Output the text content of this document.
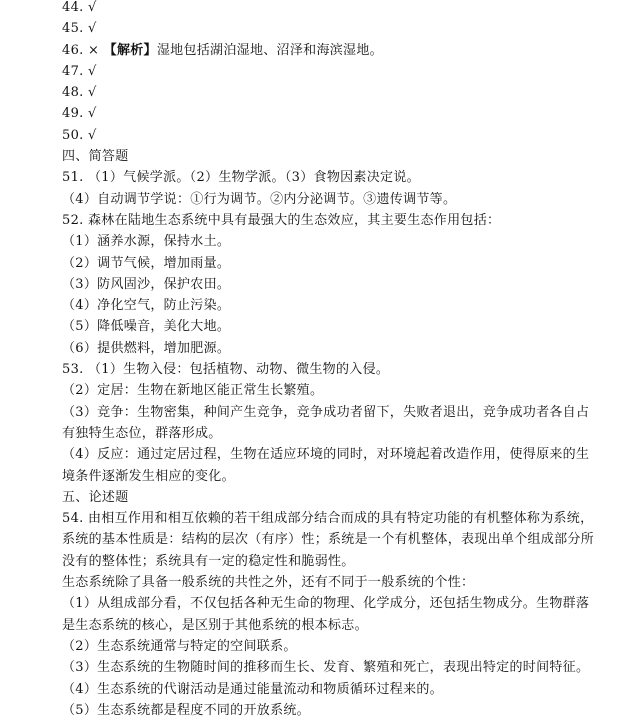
44. √
45. √
46. × 【解析】湿地包括湖泊湿地、沼泽和海滨湿地。
47. √
48. √
49. √
50. √
四、简答题
51. （1）气候学派。（2）生物学派。（3）食物因素决定说。
（4）自动调节学说：①行为调节。②内分泌调节。③遗传调节等。
52. 森林在陆地生态系统中具有最强大的生态效应，其主要生态作用包括：
（1）涵养水源，保持水土。
（2）调节气候，增加雨量。
（3）防风固沙，保护农田。
（4）净化空气，防止污染。
（5）降低噪音，美化大地。
（6）提供燃料，增加肥源。
53. （1）生物入侵：包括植物、动物、微生物的入侵。
（2）定居：生物在新地区能正常生长繁殖。
（3）竞争：生物密集，种间产生竞争，竞争成功者留下，失败者退出，竞争成功者各自占
有独特生态位，群落形成。
（4）反应：通过定居过程，生物在适应环境的同时，对环境起着改造作用，使得原来的生
境条件逐渐发生相应的变化。
五、论述题
54. 由相互作用和相互依赖的若干组成部分结合而成的具有特定功能的有机整体称为系统，
系统的基本性质是：结构的层次（有序）性；系统是一个有机整体，表现出单个组成部分所
没有的整体性；系统具有一定的稳定性和脆弱性。
生态系统除了具备一般系统的共性之外，还有不同于一般系统的个性：
（1）从组成部分看，不仅包括各种无生命的物理、化学成分，还包括生物成分。生物群落
是生态系统的核心，是区别于其他系统的根本标志。
（2）生态系统通常与特定的空间联系。
（3）生态系统的生物随时间的推移而生长、发育、繁殖和死亡，表现出特定的时间特征。
（4）生态系统的代谢活动是通过能量流动和物质循环过程来的。
（5）生态系统都是程度不同的开放系统。
